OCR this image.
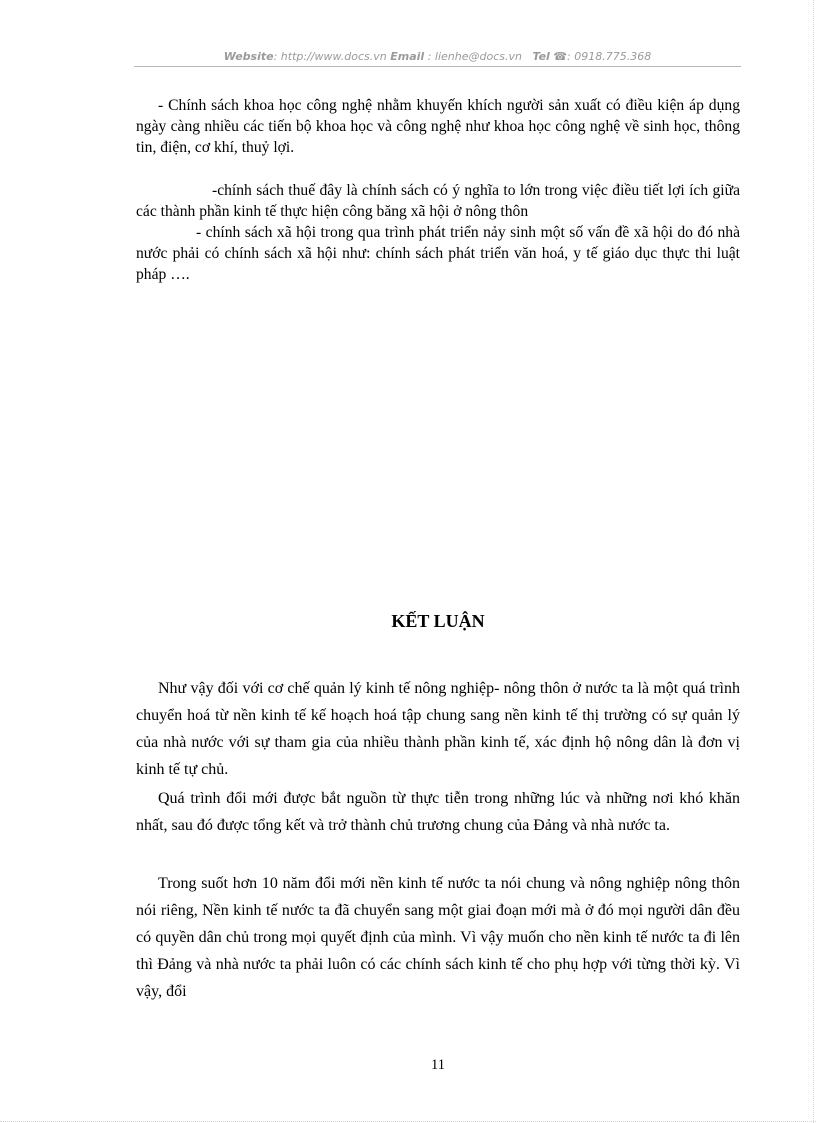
Website: http://www.docs.vn Email : lienhe@docs.vn Tel ☎: 0918.775.368

- Chính sách khoa học công nghệ nhằm khuyến khích người sản xuất có điều kiện áp dụng ngày càng nhiều các tiến bộ khoa học và công nghệ như khoa học công nghệ về sinh học, thông tin, điện, cơ khí, thuỷ lợi.

-chính sách thuế đây là chính sách có ý nghĩa to lớn trong việc điều tiết lợi ích giữa các thành phần kinh tế thực hiện công băng xã hội ở nông thôn

- chính sách xã hội trong qua trình phát triển nảy sinh một số vấn đề xã hội do đó nhà nước phải có chính sách xã hội như: chính sách phát triển văn hoá, y tế giáo dục thực thi luật pháp ….

KẾT LUẬN

Như vậy đối với cơ chế quản lý kinh tế nông nghiệp- nông thôn ở nước ta là một quá trình chuyển hoá từ nền kinh tế kế hoạch hoá tập chung sang nền kinh tế thị trường có sự quản lý của nhà nước với sự tham gia của nhiều thành phần kinh tế, xác định hộ nông dân là đơn vị kinh tế tự chủ.

Quá trình đổi mới được bắt nguồn từ thực tiễn trong những lúc và những nơi khó khăn nhất, sau đó được tổng kết và trở thành chủ trương chung của Đảng và nhà nước ta.

Trong suốt hơn 10 năm đổi mới nền kinh tế nước ta nói chung và nông nghiệp nông thôn nói riêng, Nền kinh tế nước ta đã chuyển sang một giai đoạn mới mà ở đó mọi người dân đều có quyền dân chủ trong mọi quyết định của mình. Vì vậy muốn cho nền kinh tế nước ta đi lên thì Đảng và nhà nước ta phải luôn có các chính sách kinh tế cho phụ hợp với từng thời kỳ. Vì vậy, đổi

11
